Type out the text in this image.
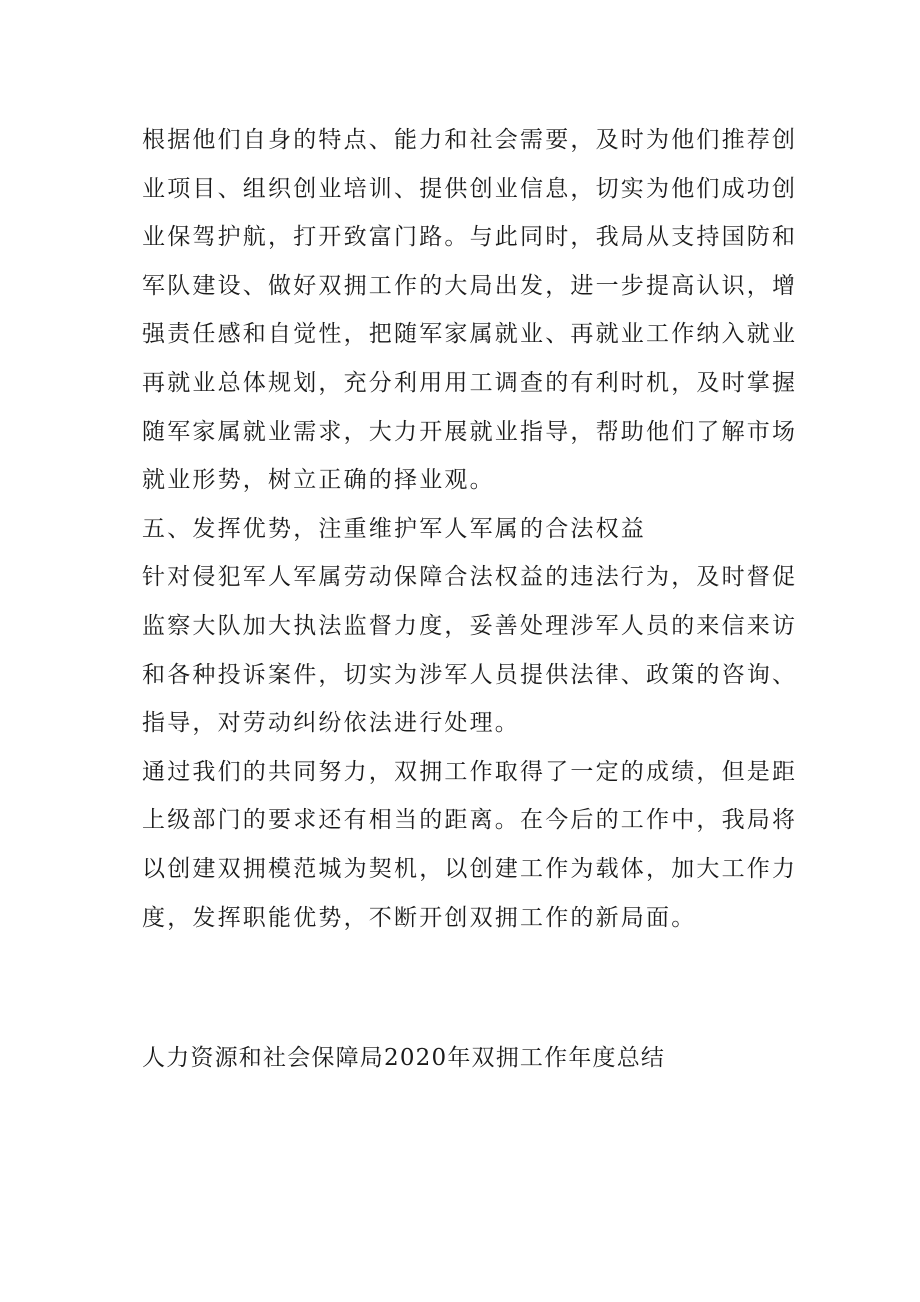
根据他们自身的特点、能力和社会需要，及时为他们推荐创
业项目、组织创业培训、提供创业信息，切实为他们成功创
业保驾护航，打开致富门路。与此同时，我局从支持国防和
军队建设、做好双拥工作的大局出发，进一步提高认识，增
强责任感和自觉性，把随军家属就业、再就业工作纳入就业
再就业总体规划，充分利用用工调查的有利时机，及时掌握
随军家属就业需求，大力开展就业指导，帮助他们了解市场
就业形势，树立正确的择业观。
五、发挥优势，注重维护军人军属的合法权益
针对侵犯军人军属劳动保障合法权益的违法行为，及时督促
监察大队加大执法监督力度，妥善处理涉军人员的来信来访
和各种投诉案件，切实为涉军人员提供法律、政策的咨询、
指导，对劳动纠纷依法进行处理。
通过我们的共同努力，双拥工作取得了一定的成绩，但是距
上级部门的要求还有相当的距离。在今后的工作中，我局将
以创建双拥模范城为契机，以创建工作为载体，加大工作力
度，发挥职能优势，不断开创双拥工作的新局面。
人力资源和社会保障局2020年双拥工作年度总结
